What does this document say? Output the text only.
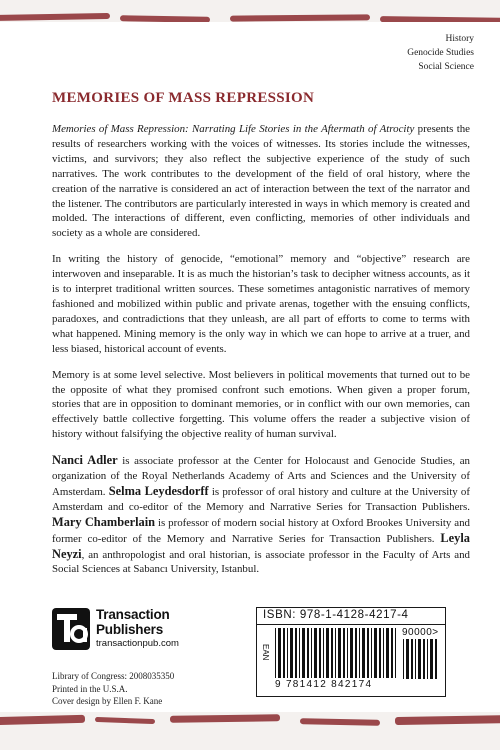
History
Genocide Studies
Social Science
MEMORIES OF MASS REPRESSION

Memories of Mass Repression: Narrating Life Stories in the Aftermath of Atrocity presents the results of researchers working with the voices of witnesses. Its stories include the witnesses, victims, and survivors; they also reflect the subjective experience of the study of such narratives. The work contributes to the development of the field of oral history, where the creation of the narrative is considered an act of interaction between the text of the narrator and the listener. The contributors are particularly interested in ways in which memory is created and molded. The interactions of different, even conflicting, memories of other individuals and society as a whole are considered.

In writing the history of genocide, “emotional” memory and “objective” research are interwoven and inseparable. It is as much the historian’s task to decipher witness accounts, as it is to interpret traditional written sources. These sometimes antagonistic narratives of memory fashioned and mobilized within public and private arenas, together with the ensuing conflicts, paradoxes, and contradictions that they unleash, are all part of efforts to come to terms with what happened. Mining memory is the only way in which we can hope to arrive at a truer, and less biased, historical account of events.

Memory is at some level selective. Most believers in political movements that turned out to be the opposite of what they promised confront such emotions. When given a proper forum, stories that are in opposition to dominant memories, or in conflict with our own memories, can effectively battle collective forgetting. This volume offers the reader a subjective vision of history without falsifying the objective reality of human survival.

Nanci Adler is associate professor at the Center for Holocaust and Genocide Studies, an organization of the Royal Netherlands Academy of Arts and Sciences and the University of Amsterdam. Selma Leydesdorff is professor of oral history and culture at the University of Amsterdam and co-editor of the Memory and Narrative Series for Transaction Publishers. Mary Chamberlain is professor of modern social history at Oxford Brookes University and former co-editor of the Memory and Narrative Series for Transaction Publishers. Leyla Neyzi, an anthropologist and oral historian, is associate professor in the Faculty of Arts and Social Sciences at Sabancı University, Istanbul.

Transaction
Publishers
transactionpub.com
Library of Congress: 2008035350
Printed in the U.S.A.
Cover design by Ellen F. Kane
ISBN: 978-1-4128-4217-4
EAN
90000>
9 781412 842174
